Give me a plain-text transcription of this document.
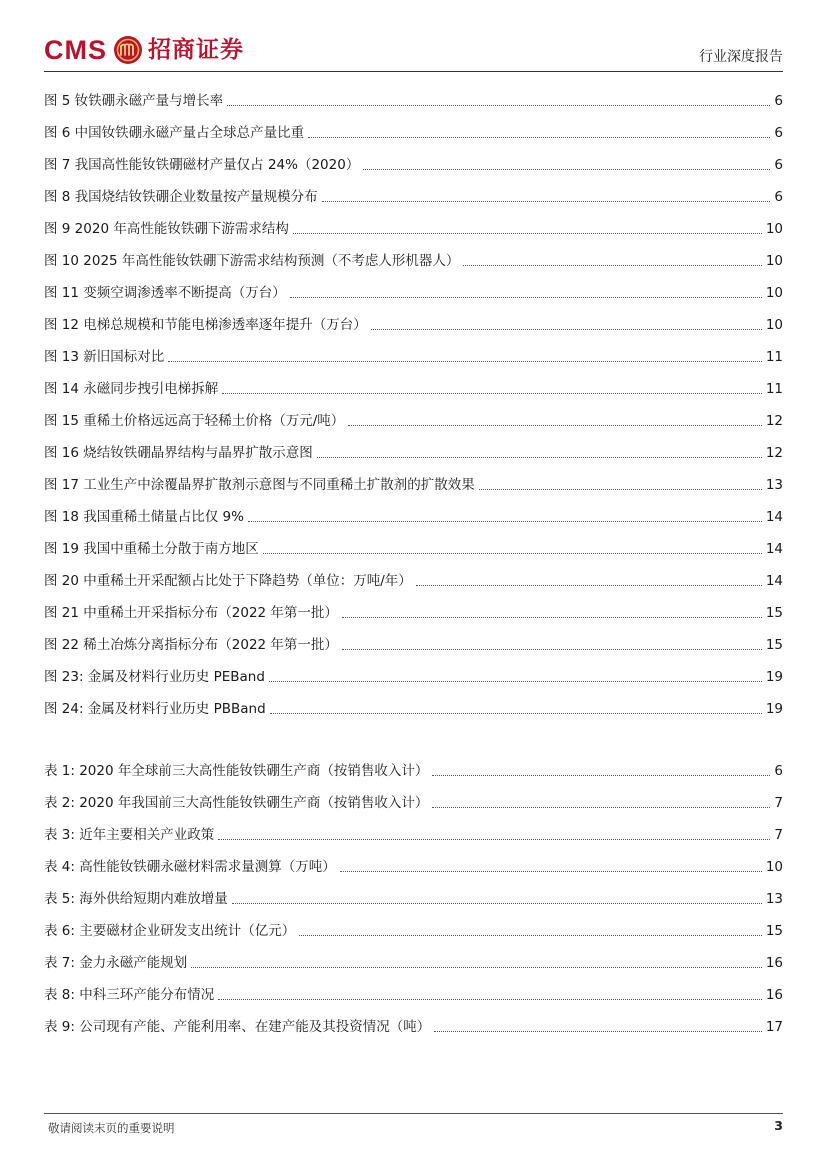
CMS 招商证券	行业深度报告
图 5 钕铁硼永磁产量与增长率	6
图 6 中国钕铁硼永磁产量占全球总产量比重	6
图 7 我国高性能钕铁硼磁材产量仅占 24%（2020）	6
图 8 我国烧结钕铁硼企业数量按产量规模分布	6
图 9 2020 年高性能钕铁硼下游需求结构	10
图 10 2025 年高性能钕铁硼下游需求结构预测（不考虑人形机器人）	10
图 11 变频空调渗透率不断提高（万台）	10
图 12 电梯总规模和节能电梯渗透率逐年提升（万台）	10
图 13 新旧国标对比	11
图 14 永磁同步拽引电梯拆解	11
图 15 重稀土价格远远高于轻稀土价格（万元/吨）	12
图 16 烧结钕铁硼晶界结构与晶界扩散示意图	12
图 17 工业生产中涂覆晶界扩散剂示意图与不同重稀土扩散剂的扩散效果	13
图 18 我国重稀土储量占比仅 9%	14
图 19 我国中重稀土分散于南方地区	14
图 20 中重稀土开采配额占比处于下降趋势（单位：万吨/年）	14
图 21 中重稀土开采指标分布（2022 年第一批）	15
图 22 稀土冶炼分离指标分布（2022 年第一批）	15
图 23: 金属及材料行业历史 PEBand	19
图 24: 金属及材料行业历史 PBBand	19
表 1: 2020 年全球前三大高性能钕铁硼生产商（按销售收入计）	6
表 2: 2020 年我国前三大高性能钕铁硼生产商（按销售收入计）	7
表 3: 近年主要相关产业政策	7
表 4: 高性能钕铁硼永磁材料需求量测算（万吨）	10
表 5: 海外供给短期内难放增量	13
表 6: 主要磁材企业研发支出统计（亿元）	15
表 7: 金力永磁产能规划	16
表 8: 中科三环产能分布情况	16
表 9: 公司现有产能、产能利用率、在建产能及其投资情况（吨）	17
敬请阅读末页的重要说明	3
